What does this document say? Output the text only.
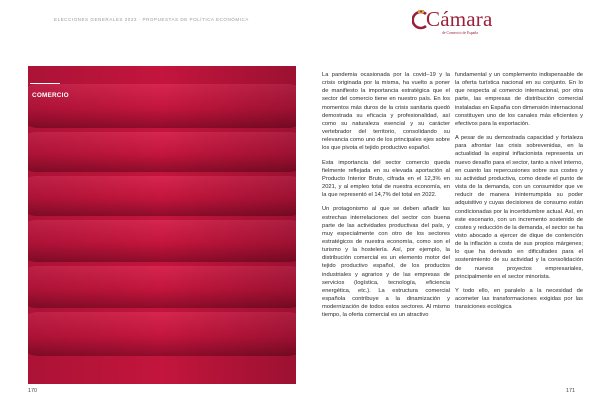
ELECCIONES GENERALES 2023 · PROPUESTAS DE POLÍTICA ECONÓMICA	Cámara
de Comercio de España
COMERCIO

La pandemia ocasionada por la covid–19 y la crisis originada por la misma, ha vuelto a poner de manifiesto la importancia estratégica que el sector del comercio tiene en nuestro país. En los momentos más duros de la crisis sanitaria quedó demostrada su eficacia y profesionalidad, así como su naturaleza esencial y su carácter vertebrador del territorio, consolidando su relevancia como uno de los principales ejes sobre los que pivota el tejido productivo español.

Esta importancia del sector comercio queda fielmente reflejada en su elevada aportación al Producto Interior Bruto, cifrada en el 12,3% en 2021, y al empleo total de nuestra economía, en la que representó el 14,7% del total en 2022.

Un protagonismo al que se deben añadir las estrechas interrelaciones del sector con buena parte de las actividades productivas del país, y muy especialmente con otro de los sectores estratégicos de nuestra economía, como son el turismo y la hostelería. Así, por ejemplo, la distribución comercial es un elemento motor del tejido productivo español, de los productos industriales y agrarios y de las empresas de servicios (logística, tecnología, eficiencia energética, etc.). La estructura comercial española contribuye a la dinamización y modernización de todos estos sectores. Al mismo tiempo, la oferta comercial es un atractivo

fundamental y un complemento indispensable de la oferta turística nacional en su conjunto. En lo que respecta al comercio internacional, por otra parte, las empresas de distribución comercial instaladas en España con dimensión internacional constituyen uno de los canales más eficientes y efectivos para la exportación.

A pesar de su demostrada capacidad y fortaleza para afrontar las crisis sobrevenidas, en la actualidad la espiral inflacionista representa un nuevo desafío para el sector, tanto a nivel interno, en cuanto las repercusiones sobre sus costes y su actividad productiva, como desde el punto de vista de la demanda, con un consumidor que ve reducir de manera ininterrumpida su poder adquisitivo y cuyas decisiones de consumo están condicionadas por la incertidumbre actual. Así, en este escenario, con un incremento sostenido de costes y reducción de la demanda, el sector se ha visto abocado a ejercer de dique de contención de la inflación a costa de sus propios márgenes; lo que ha derivado en dificultades para el sostenimiento de su actividad y la consolidación de nuevos proyectos empresariales, principalmente en el sector minorista.

Y todo ello, en paralelo a la necesidad de acometer las transformaciones exigidas por las transiciones ecológica

170	171
